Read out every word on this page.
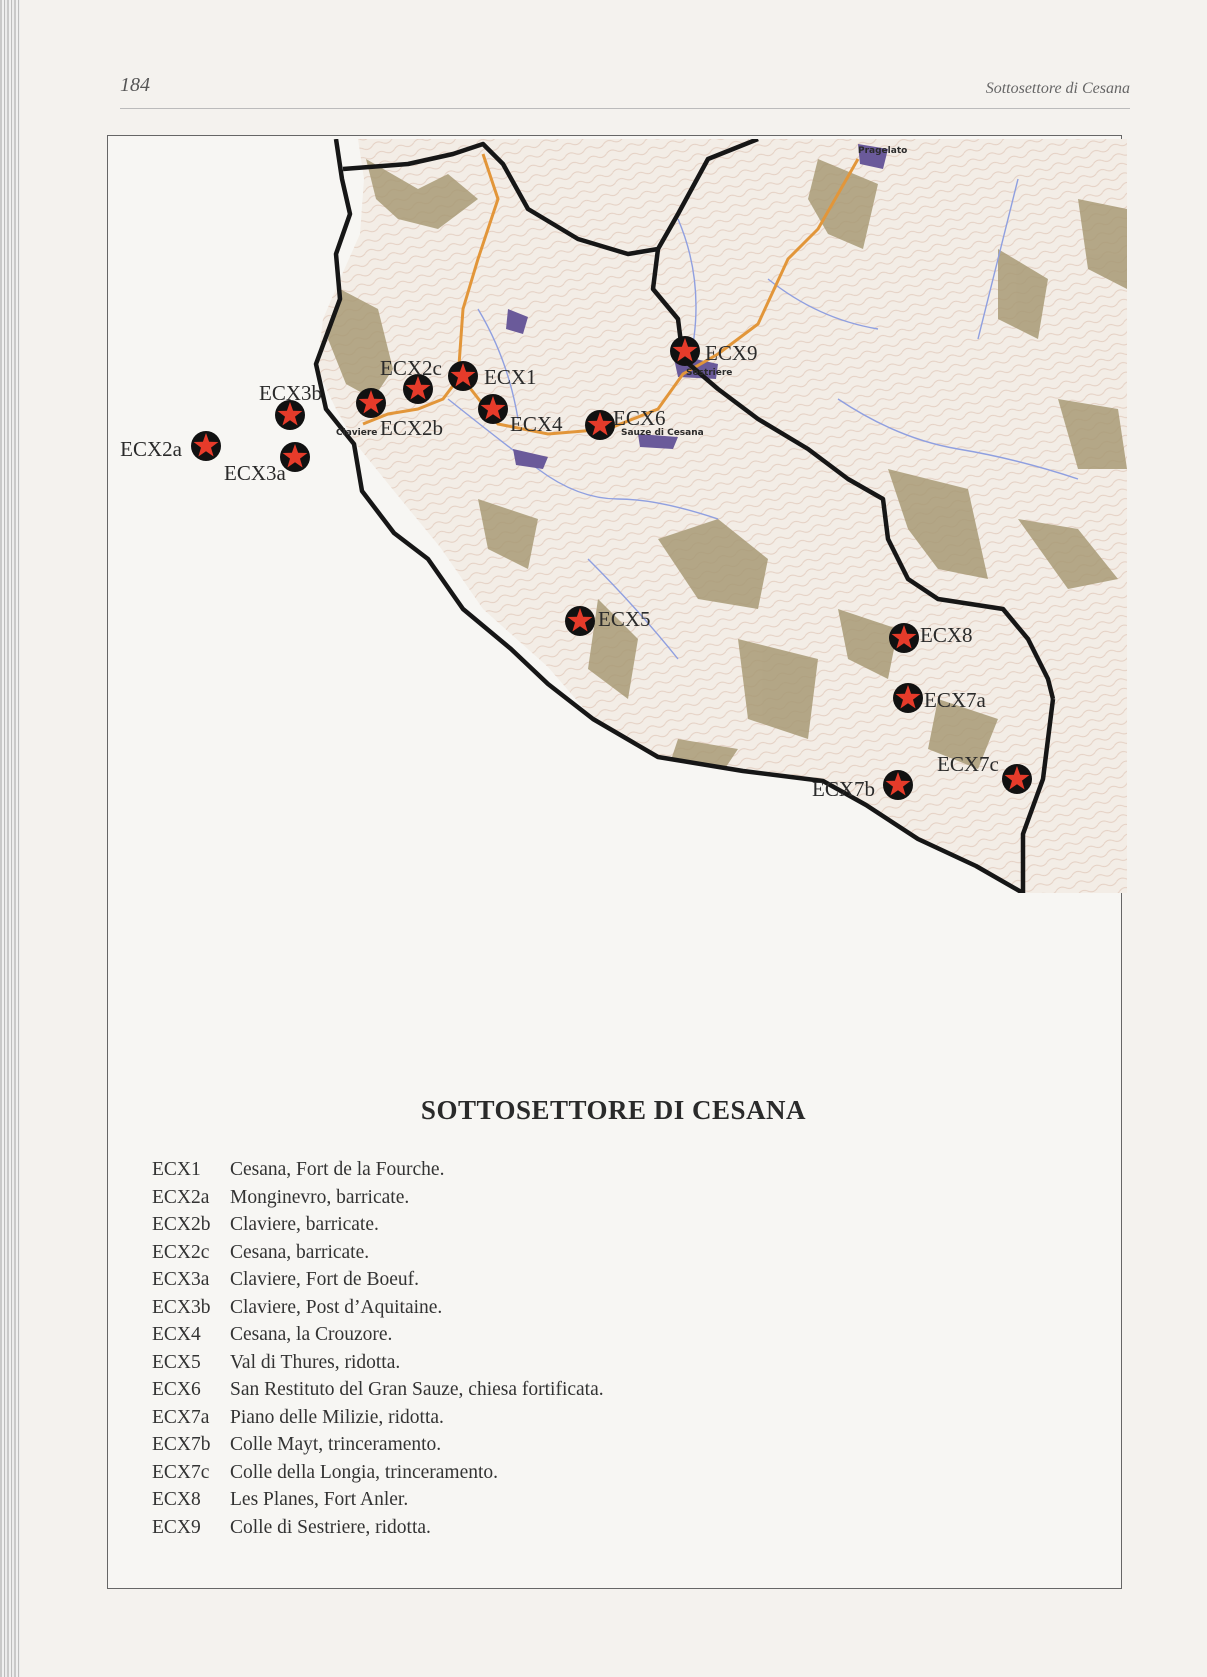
184	Sottosettore di Cesana
Pragelato
Sestriere
Claviere	Sauze di Cesana
ECX1
ECX2a
ECX2b
ECX2c
ECX3a
ECX3b
ECX4
ECX5
ECX6
ECX7a
ECX7b
ECX7c
ECX8
ECX9
SOTTOSETTORE DI CESANA
ECX1	Cesana, Fort de la Fourche.
ECX2a	Monginevro, barricate.
ECX2b	Claviere, barricate.
ECX2c	Cesana, barricate.
ECX3a	Claviere, Fort de Boeuf.
ECX3b	Claviere, Post d’Aquitaine.
ECX4	Cesana, la Crouzore.
ECX5	Val di Thures, ridotta.
ECX6	San Restituto del Gran Sauze, chiesa fortificata.
ECX7a	Piano delle Milizie, ridotta.
ECX7b	Colle Mayt, trinceramento.
ECX7c	Colle della Longia, trinceramento.
ECX8	Les Planes, Fort Anler.
ECX9	Colle di Sestriere, ridotta.
